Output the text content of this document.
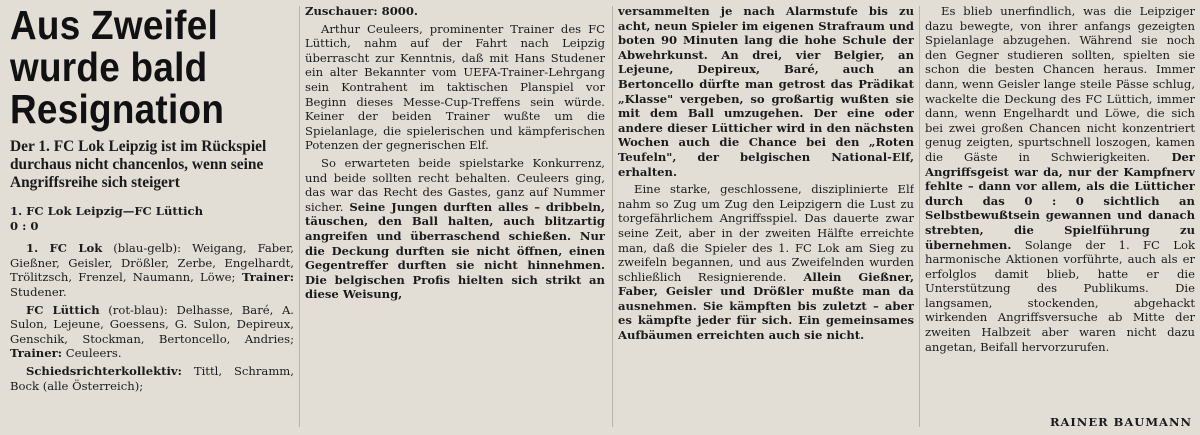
Aus Zweifel
wurde bald
Resignation
Der 1. FC Lok Leipzig ist im Rückspiel durchaus nicht chancenlos, wenn seine Angriffsreihe sich steigert
1. FC Lok Leipzig—FC Lüttich
0 : 0

1. FC Lok (blau-gelb): Weigang, Faber, Gießner, Geisler, Drößler, Zerbe, Engelhardt, Trölitzsch, Frenzel, Naumann, Löwe; Trainer: Studener.

FC Lüttich (rot-blau): Delhasse, Baré, A. Sulon, Lejeune, Goessens, G. Sulon, Depireux, Genschik, Stockman, Bertoncello, Andries; Trainer: Ceuleers.

Schiedsrichterkollektiv: Tittl, Schramm, Bock (alle Österreich);

Zuschauer: 8000.

Arthur Ceuleers, prominenter Trainer des FC Lüttich, nahm auf der Fahrt nach Leipzig überrascht zur Kenntnis, daß mit Hans Studener ein alter Bekannter vom UEFA-Trainer-Lehrgang sein Kontrahent im taktischen Planspiel vor Beginn dieses Messe-Cup-Treffens sein würde. Keiner der beiden Trainer wußte um die Spielanlage, die spielerischen und kämpferischen Potenzen der gegnerischen Elf.

So erwarteten beide spielstarke Konkurrenz, und beide sollten recht behalten. Ceuleers ging, das war das Recht des Gastes, ganz auf Nummer sicher. Seine Jungen durften alles – dribbeln, täuschen, den Ball halten, auch blitzartig angreifen und überraschend schießen. Nur die Deckung durften sie nicht öffnen, einen Gegentreffer durften sie nicht hinnehmen. Die belgischen Profis hielten sich strikt an diese Weisung,

versammelten je nach Alarmstufe bis zu acht, neun Spieler im eigenen Strafraum und boten 90 Minuten lang die hohe Schule der Abwehrkunst. An drei, vier Belgier, an Lejeune, Depireux, Baré, auch an Bertoncello dürfte man getrost das Prädikat „Klasse" vergeben, so großartig wußten sie mit dem Ball umzugehen. Der eine oder andere dieser Lütticher wird in den nächsten Wochen auch die Chance bei den „Roten Teufeln", der belgischen National-Elf, erhalten.

Eine starke, geschlossene, disziplinierte Elf nahm so Zug um Zug den Leipzigern die Lust zu torgefährlichem Angriffsspiel. Das dauerte zwar seine Zeit, aber in der zweiten Hälfte erreichte man, daß die Spieler des 1. FC Lok am Sieg zu zweifeln begannen, und aus Zweifelnden wurden schließlich Resignierende. Allein Gießner, Faber, Geisler und Drößler mußte man da ausnehmen. Sie kämpften bis zuletzt – aber es kämpfte jeder für sich. Ein gemeinsames Aufbäumen erreichten auch sie nicht.

Es blieb unerfindlich, was die Leipziger dazu bewegte, von ihrer anfangs gezeigten Spielanlage abzugehen. Während sie noch den Gegner studieren sollten, spielten sie schon die besten Chancen heraus. Immer dann, wenn Geisler lange steile Pässe schlug, wackelte die Deckung des FC Lüttich, immer dann, wenn Engelhardt und Löwe, die sich bei zwei großen Chancen nicht konzentriert genug zeigten, spurtschnell loszogen, kamen die Gäste in Schwierigkeiten. Der Angriffsgeist war da, nur der Kampfnerv fehlte – dann vor allem, als die Lütticher durch das 0 : 0 sichtlich an Selbstbewußtsein gewannen und danach strebten, die Spielführung zu übernehmen. Solange der 1. FC Lok harmonische Aktionen vorführte, auch als er erfolglos damit blieb, hatte er die Unterstützung des Publikums. Die langsamen, stockenden, abgehackt wirkenden Angriffsversuche ab Mitte der zweiten Halbzeit aber waren nicht dazu angetan, Beifall hervorzurufen.

RAINER BAUMANN
